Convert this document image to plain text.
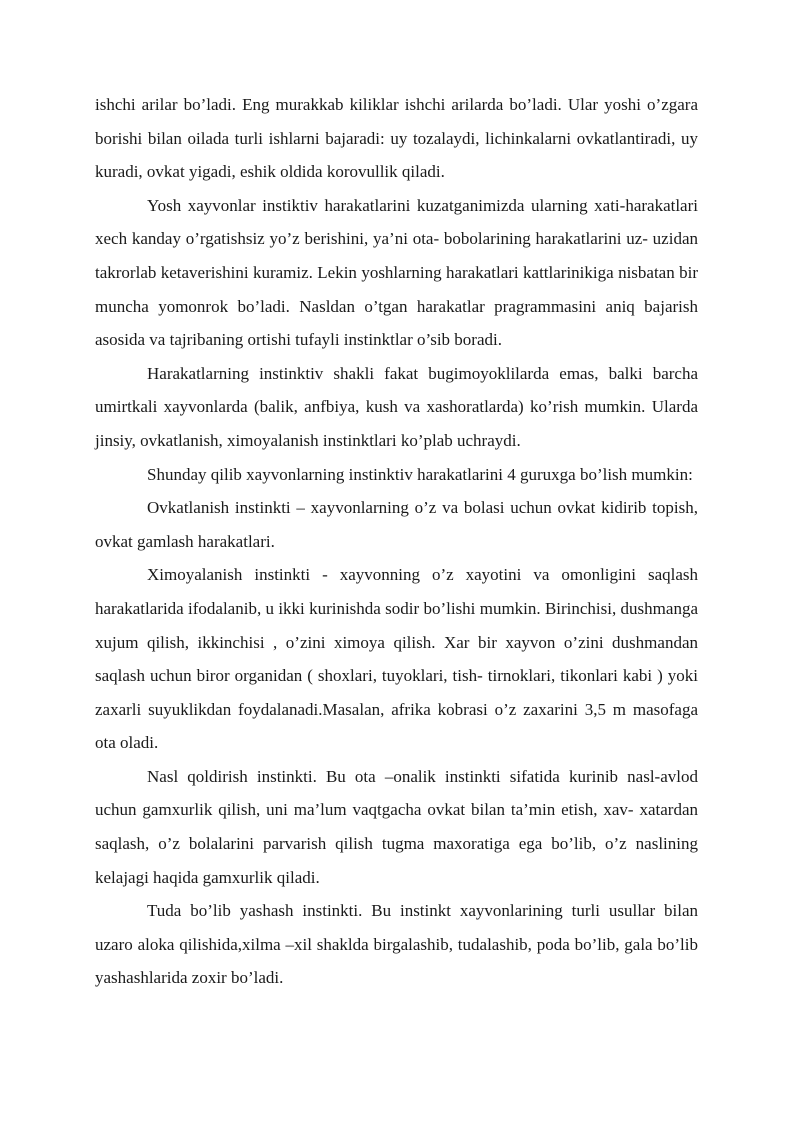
ishchi arilar bo’ladi. Eng murakkab kiliklar ishchi arilarda bo’ladi. Ular yoshi o’zgara borishi bilan oilada turli ishlarni bajaradi: uy tozalaydi, lichinkalarni ovkatlantiradi, uy kuradi, ovkat yigadi, eshik oldida korovullik qiladi.

Yosh xayvonlar instiktiv harakatlarini kuzatganimizda ularning xati-harakatlari xech kanday o’rgatishsiz yo’z berishini, ya’ni ota- bobolarining harakatlarini uz- uzidan takrorlab ketaverishini kuramiz. Lekin yoshlarning harakatlari kattlarinikiga nisbatan bir muncha yomonrok bo’ladi. Nasldan o’tgan harakatlar pragrammasini aniq bajarish asosida va tajribaning ortishi tufayli instinktlar o’sib boradi.

Harakatlarning instinktiv shakli fakat bugimoyoklilarda emas, balki barcha umirtkali xayvonlarda (balik, anfbiya, kush va xashoratlarda) ko’rish mumkin. Ularda jinsiy, ovkatlanish, ximoyalanish instinktlari ko’plab uchraydi.

Shunday qilib xayvonlarning instinktiv harakatlarini 4 guruxga bo’lish mumkin:

Ovkatlanish instinkti – xayvonlarning o’z va bolasi uchun ovkat kidirib topish, ovkat gamlash harakatlari.

Ximoyalanish instinkti - xayvonning o’z xayotini va omonligini saqlash harakatlarida ifodalanib, u ikki kurinishda sodir bo’lishi mumkin. Birinchisi, dushmanga xujum qilish, ikkinchisi , o’zini ximoya qilish. Xar bir xayvon o’zini dushmandan saqlash uchun biror organidan ( shoxlari, tuyoklari, tish- tirnoklari, tikonlari kabi ) yoki zaxarli suyuklikdan foydalanadi.Masalan, afrika kobrasi o’z zaxarini 3,5 m masofaga ota oladi.

Nasl qoldirish instinkti. Bu ota –onalik instinkti sifatida kurinib nasl-avlod uchun gamxurlik qilish, uni ma’lum vaqtgacha ovkat bilan ta’min etish, xav- xatardan saqlash, o’z bolalarini parvarish qilish tugma maxoratiga ega bo’lib, o’z naslining kelajagi haqida gamxurlik qiladi.

Tuda bo’lib yashash instinkti. Bu instinkt xayvonlarining turli usullar bilan uzaro aloka qilishida,xilma –xil shaklda birgalashib, tudalashib, poda bo’lib, gala bo’lib yashashlarida zoxir bo’ladi.
